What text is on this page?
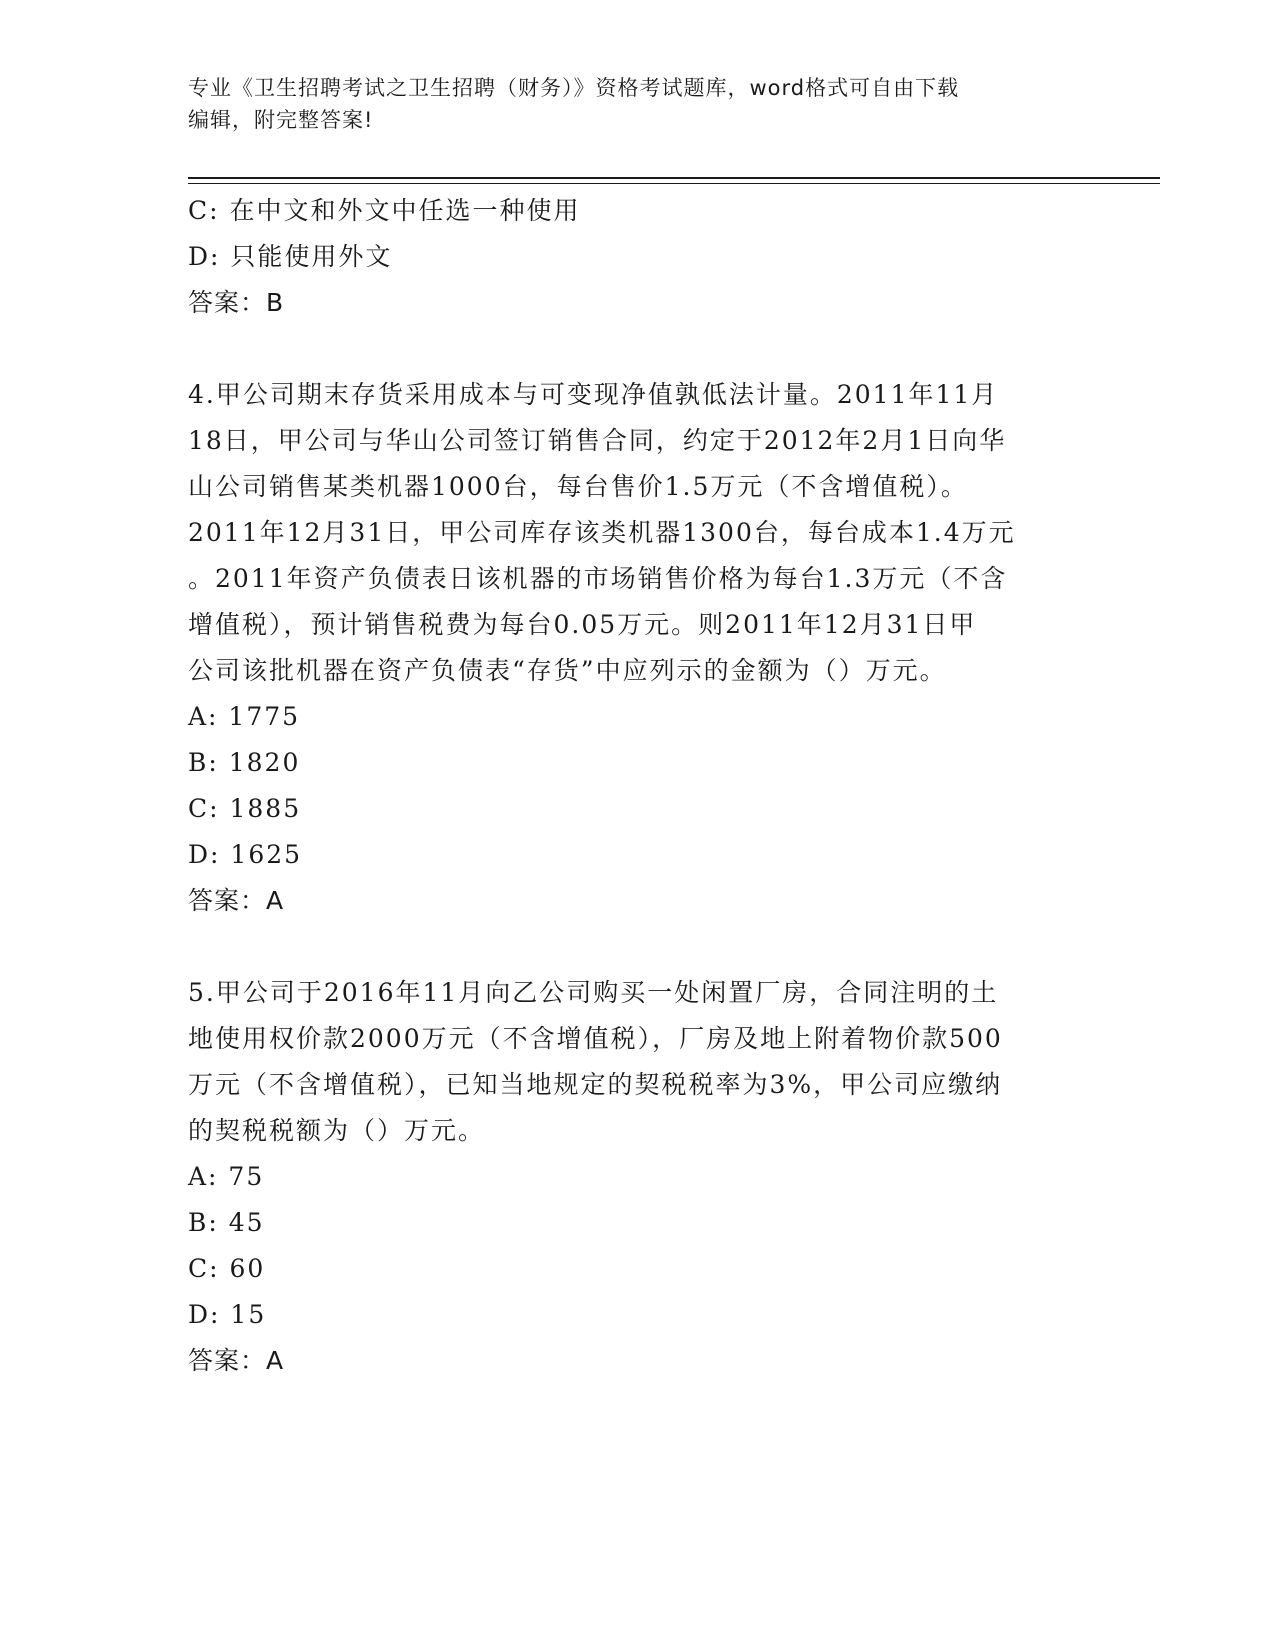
专业《卫生招聘考试之卫生招聘（财务）》资格考试题库，word格式可自由下载
编辑，附完整答案!
C: 在中文和外文中任选一种使用
D: 只能使用外文
答案：B
4.甲公司期末存货采用成本与可变现净值孰低法计量。2011年11月
18日，甲公司与华山公司签订销售合同，约定于2012年2月1日向华
山公司销售某类机器1000台，每台售价1.5万元（不含增值税）。
2011年12月31日，甲公司库存该类机器1300台，每台成本1.4万元
。2011年资产负债表日该机器的市场销售价格为每台1.3万元（不含
增值税），预计销售税费为每台0.05万元。则2011年12月31日甲
公司该批机器在资产负债表“存货”中应列示的金额为（）万元。
A: 1775
B: 1820
C: 1885
D: 1625
答案：A
5.甲公司于2016年11月向乙公司购买一处闲置厂房，合同注明的土
地使用权价款2000万元（不含增值税），厂房及地上附着物价款500
万元（不含增值税），已知当地规定的契税税率为3%，甲公司应缴纳
的契税税额为（）万元。
A: 75
B: 45
C: 60
D: 15
答案：A
